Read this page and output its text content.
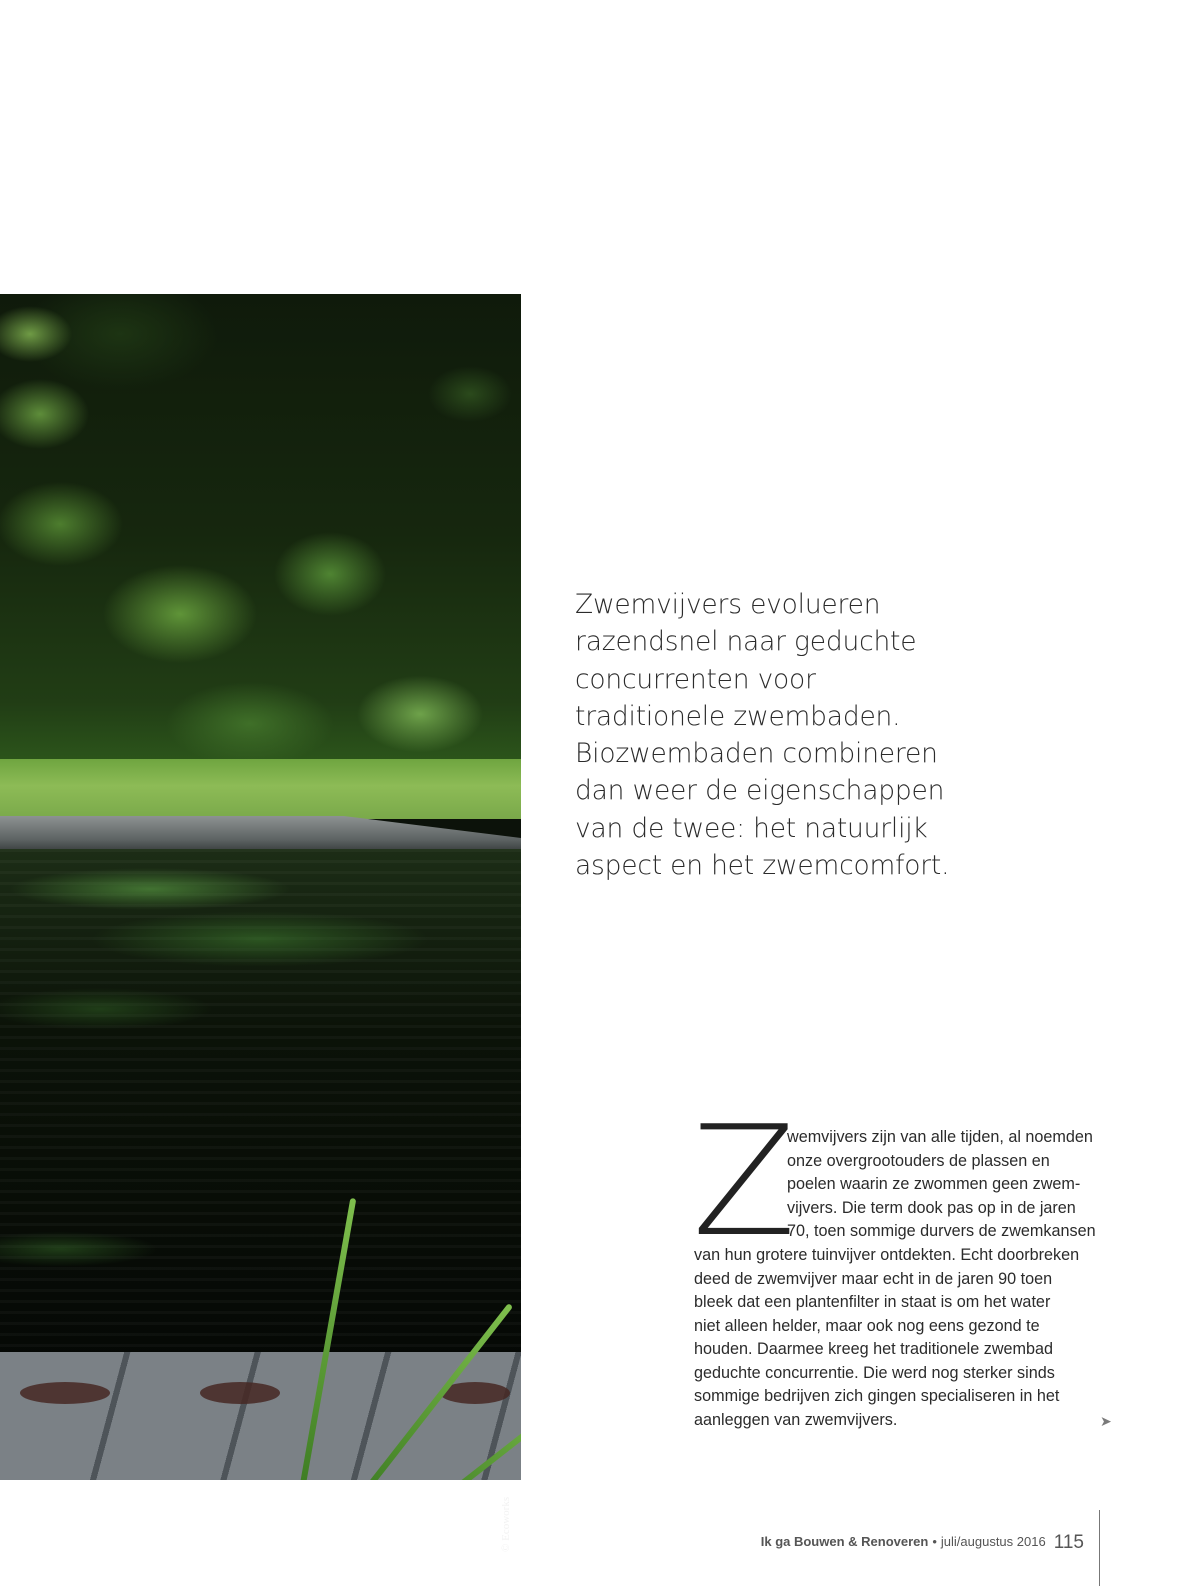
© Ecoworks
Zwemvijvers evolueren
razendsnel naar geduchte
concurrenten voor
traditionele zwembaden.
Biozwembaden combineren
dan weer de eigenschappen
van de twee: het natuurlijk
aspect en het zwemcomfort.
Z
wemvijvers zijn van alle tijden, al noemden
onze overgrootouders de plassen en
poelen waarin ze zwommen geen zwem-
vijvers. Die term dook pas op in de jaren
70, toen sommige durvers de zwemkansen
van hun grotere tuinvijver ontdekten. Echt doorbreken
deed de zwemvijver maar echt in de jaren 90 toen
bleek dat een plantenfilter in staat is om het water
niet alleen helder, maar ook nog eens gezond te
houden. Daarmee kreeg het traditionele zwembad
geduchte concurrentie. Die werd nog sterker sinds
sommige bedrijven zich gingen specialiseren in het
aanleggen van zwemvijvers.	➤
Ik ga Bouwen & Renoveren • juli/augustus 2016 115
